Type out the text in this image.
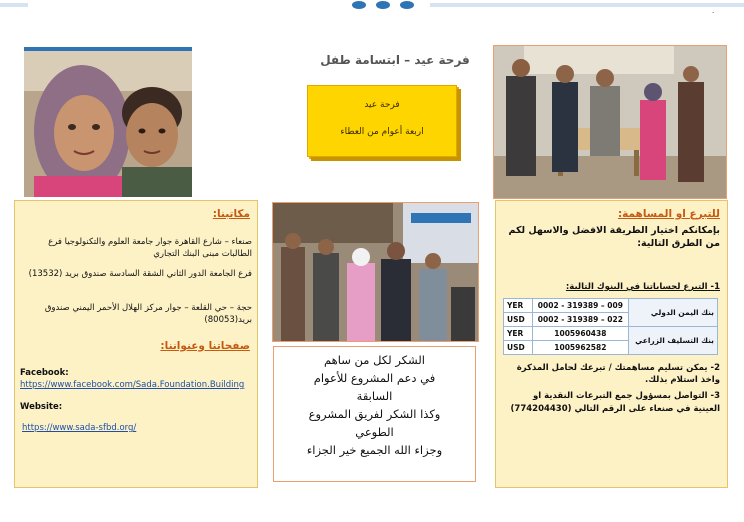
٠
فرحة عيد – ابتسامة طفل
فرحة عيد
اربعة أعوام من العطاء
مكاتبنا:
صنعاء – شارع القاهرة جوار جامعة العلوم والتكنولوجيا فرع الطالبات مبنى البنك التجاري
فرع الجامعة الدور الثاني الشقة السادسة صندوق بريد (13532)
حجة – حي القلعة – جوار مركز الهلال الأحمر اليمني صندوق بريد(80053)
صفحاتنا وعنواننا:
Facebook:
https://www.facebook.com/Sada.Foundation.Building
Website:
https://www.sada-sfbd.org/
الشكر لكل من ساهم
في دعم المشروع للأعوام
السابقة
وكذا الشكر لفريق المشروع
الطوعي
وجزاء الله الجميع خير الجزاء
للتبرع او المساهمة:
بإمكانكم اختيار الطريقة الافضل والاسهل لكم من الطرق التالية:
1- التبرع لحساباتنا في البنوك التالية:
YER	0002 - 319389 – 009	بنك اليمن الدولي
USD	0002 - 319389 – 022	
YER	1005960438	بنك التسليف الزراعي
USD	1005962582	
2- يمكن تسليم مساهمتك / تبرعك لحامل المذكرة واخذ استلام بذلك.
3- التواصل بمسؤول جمع التبرعات النقدية او العينية في صنعاء على الرقم التالي (774204430)
